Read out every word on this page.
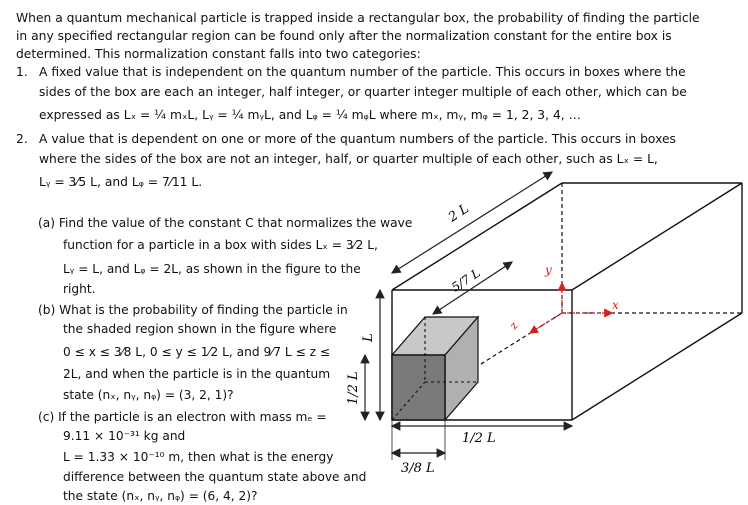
When a quantum mechanical particle is trapped inside a rectangular box, the probability of finding the particle
in any specified rectangular region can be found only after the normalization constant for the entire box is
determined. This normalization constant falls into two categories:
1. A fixed value that is independent on the quantum number of the particle. This occurs in boxes where the
sides of the box are each an integer, half integer, or quarter integer multiple of each other, which can be
expressed as Lₓ = ¼ mₓL, Lᵧ = ¼ mᵧL, and Lᵩ = ¼ mᵩL where mₓ, mᵧ, mᵩ = 1, 2, 3, 4, …
2. A value that is dependent on one or more of the quantum numbers of the particle. This occurs in boxes
where the sides of the box are not an integer, half, or quarter multiple of each other, such as Lₓ = L,
Lᵧ = 3⁄5 L, and Lᵩ = 7⁄11 L.
(a) Find the value of the constant C that normalizes the wave
function for a particle in a box with sides Lₓ = 3⁄2 L,
Lᵧ = L, and Lᵩ = 2L, as shown in the figure to the
right.
(b) What is the probability of finding the particle in
the shaded region shown in the figure where
0 ≤ x ≤ 3⁄8 L, 0 ≤ y ≤ 1⁄2 L, and 9⁄7 L ≤ z ≤
2L, and when the particle is in the quantum
state (nₓ, nᵧ, nᵩ) = (3, 2, 1)?
(c) If the particle is an electron with mass mₑ =
9.11 × 10⁻³¹ kg and
L = 1.33 × 10⁻¹⁰ m, then what is the energy
difference between the quantum state above and
the state (nₓ, nᵧ, nᵩ) = (6, 4, 2)?
2 L
5/7 L
L
1/2 L
1/2 L
3/8 L
x
y
z
